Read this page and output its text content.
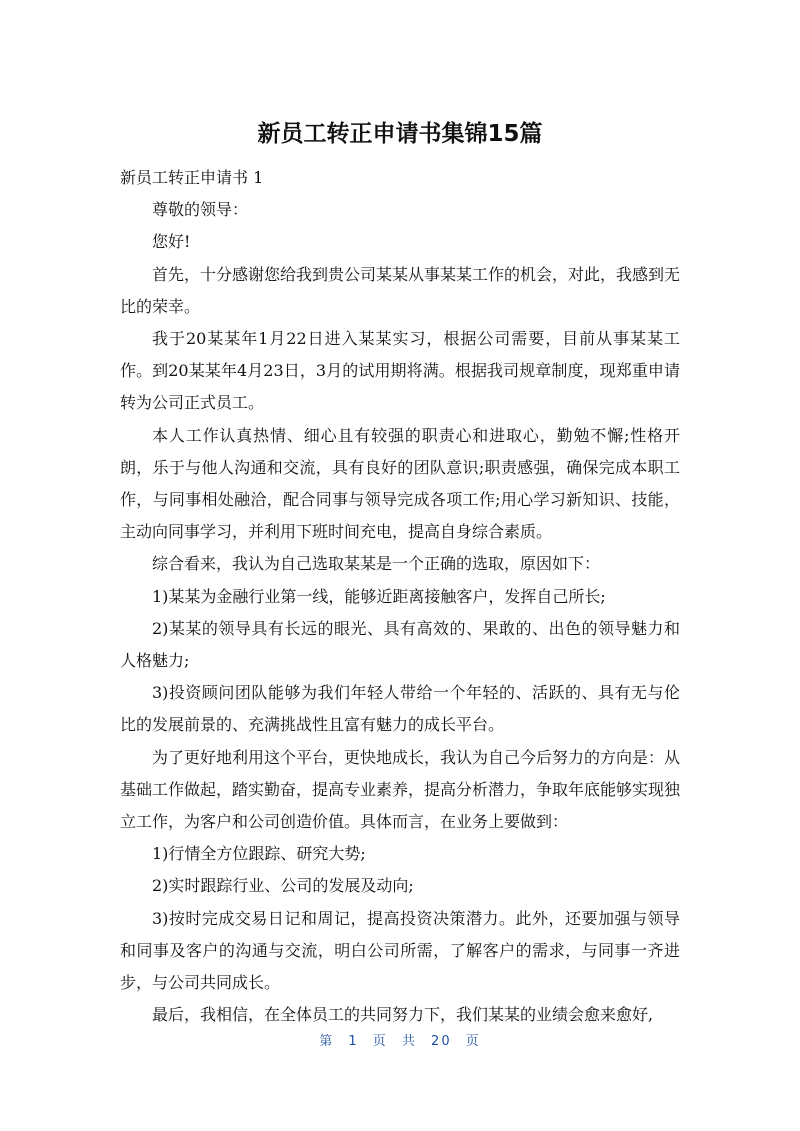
新员工转正申请书集锦15篇

新员工转正申请书 1

尊敬的领导：

您好!

首先，十分感谢您给我到贵公司某某从事某某工作的机会，对此，我感到无比的荣幸。

我于20某某年1月22日进入某某实习，根据公司需要，目前从事某某工作。到20某某年4月23日，3月的试用期将满。根据我司规章制度，现郑重申请转为公司正式员工。

本人工作认真热情、细心且有较强的职责心和进取心，勤勉不懈;性格开朗，乐于与他人沟通和交流，具有良好的团队意识;职责感强，确保完成本职工作，与同事相处融洽，配合同事与领导完成各项工作;用心学习新知识、技能，主动向同事学习，并利用下班时间充电，提高自身综合素质。

综合看来，我认为自己选取某某是一个正确的选取，原因如下：

1)某某为金融行业第一线，能够近距离接触客户，发挥自己所长;

2)某某的领导具有长远的眼光、具有高效的、果敢的、出色的领导魅力和人格魅力;

3)投资顾问团队能够为我们年轻人带给一个年轻的、活跃的、具有无与伦比的发展前景的、充满挑战性且富有魅力的成长平台。

为了更好地利用这个平台，更快地成长，我认为自己今后努力的方向是：从基础工作做起，踏实勤奋，提高专业素养，提高分析潜力，争取年底能够实现独立工作，为客户和公司创造价值。具体而言，在业务上要做到：

1)行情全方位跟踪、研究大势;

2)实时跟踪行业、公司的发展及动向;

3)按时完成交易日记和周记，提高投资决策潜力。此外，还要加强与领导和同事及客户的沟通与交流，明白公司所需，了解客户的需求，与同事一齐进步，与公司共同成长。

最后，我相信，在全体员工的共同努力下，我们某某的业绩会愈来愈好,

第 1 页 共 20 页
